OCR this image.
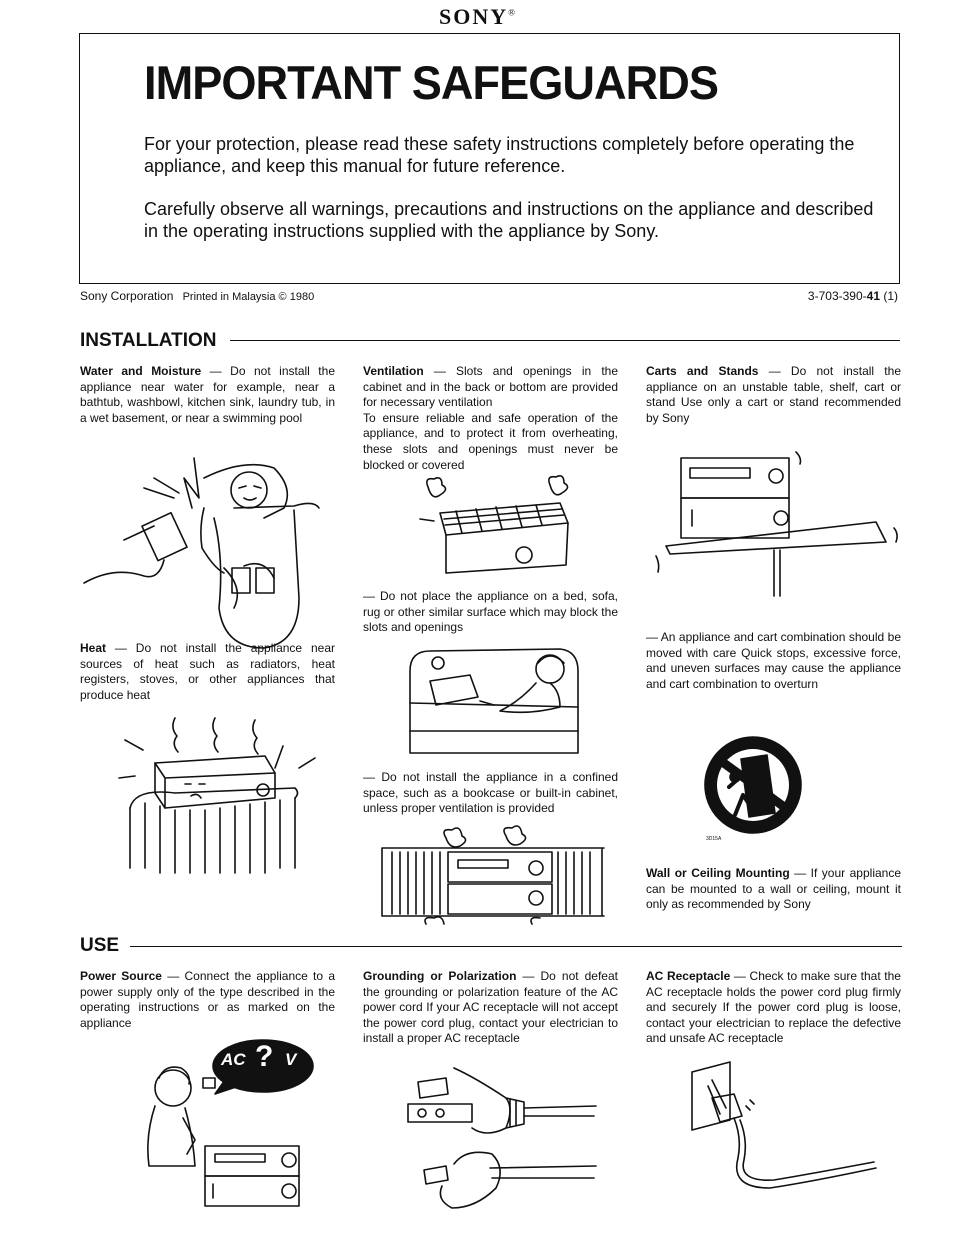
SONY®
IMPORTANT SAFEGUARDS
For your protection, please read these safety instructions completely before operating the appliance, and keep this manual for future reference.
Carefully observe all warnings, precautions and instructions on the appliance and described in the operating instructions supplied with the appliance by Sony.
Sony Corporation Printed in Malaysia © 1980	3-703-390-41 (1)
INSTALLATION
Water and Moisture — Do not install the appliance near water for example, near a bathtub, washbowl, kitchen sink, laundry tub, in a wet basement, or near a swimming pool
Heat — Do not install the appliance near sources of heat such as radiators, heat registers, stoves, or other appliances that produce heat
Ventilation — Slots and openings in the cabinet and in the back or bottom are provided for necessary ventilation
To ensure reliable and safe operation of the appliance, and to protect it from overheating, these slots and openings must never be blocked or covered
— Do not place the appliance on a bed, sofa, rug or other similar surface which may block the slots and openings
— Do not install the appliance in a confined space, such as a bookcase or built-in cabinet, unless proper ventilation is provided
Carts and Stands — Do not install the appliance on an unstable table, shelf, cart or stand Use only a cart or stand recommended by Sony
— An appliance and cart combination should be moved with care Quick stops, excessive force, and uneven surfaces may cause the appliance and cart combination to overturn
3D15A
Wall or Ceiling Mounting — If your appliance can be mounted to a wall or ceiling, mount it only as recommended by Sony
USE
Power Source — Connect the appliance to a power supply only of the type described in the operating instructions or as marked on the appliance
AC ? V
Grounding or Polarization — Do not defeat the grounding or polarization feature of the AC power cord If your AC receptacle will not accept the power cord plug, contact your electrician to install a proper AC receptacle
AC Receptacle — Check to make sure that the AC receptacle holds the power cord plug firmly and securely If the power cord plug is loose, contact your electrician to replace the defective and unsafe AC receptacle
